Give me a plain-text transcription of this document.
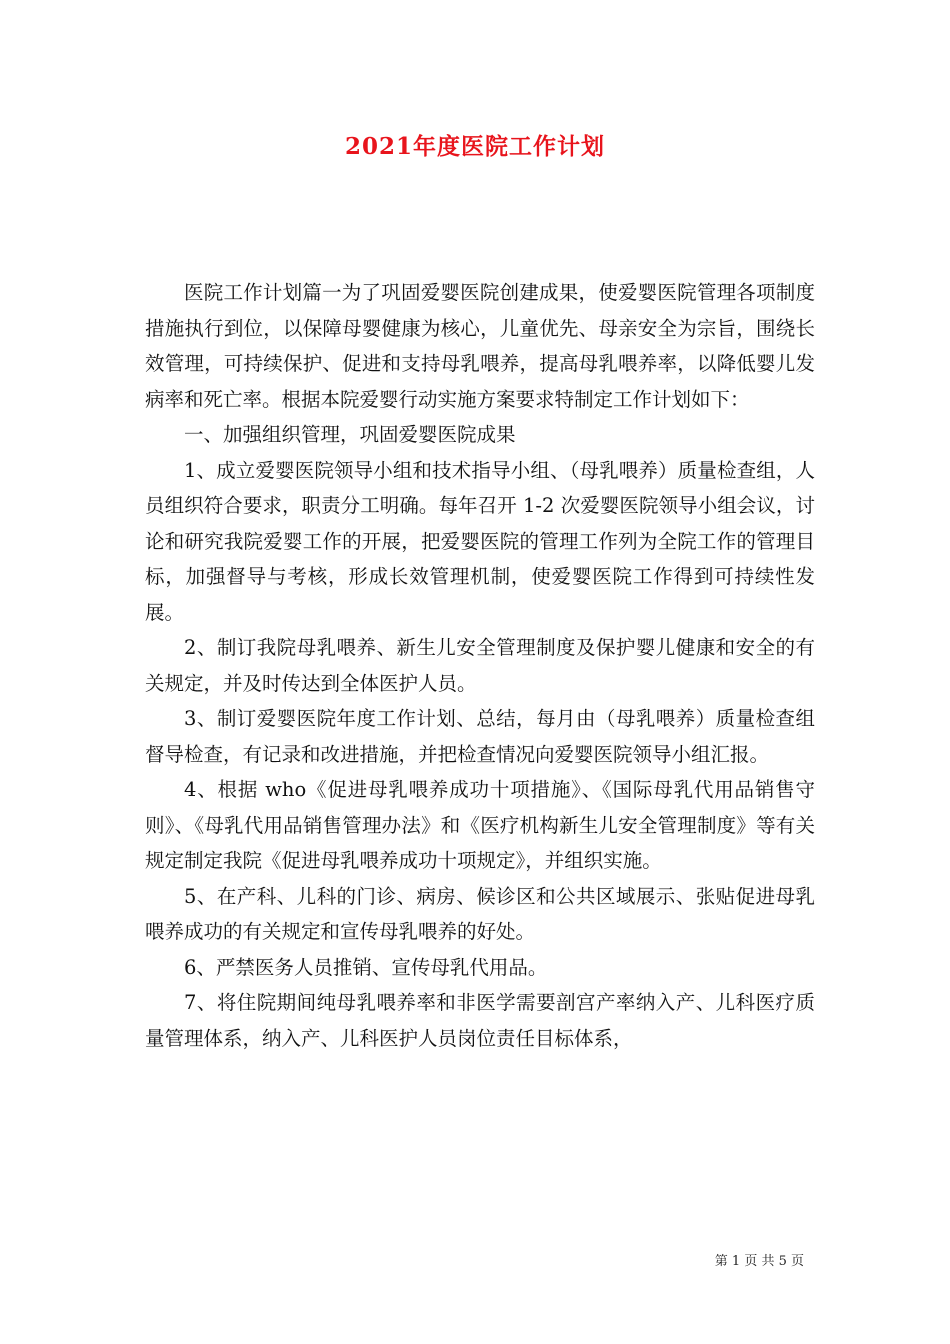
2021年度医院工作计划

医院工作计划篇一为了巩固爱婴医院创建成果，使爱婴医院管理各项制度措施执行到位，以保障母婴健康为核心，儿童优先、母亲安全为宗旨，围绕长效管理，可持续保护、促进和支持母乳喂养，提高母乳喂养率，以降低婴儿发病率和死亡率。根据本院爱婴行动实施方案要求特制定工作计划如下：

一、加强组织管理，巩固爱婴医院成果

1、成立爱婴医院领导小组和技术指导小组、（母乳喂养）质量检查组，人员组织符合要求，职责分工明确。每年召开 1-2 次爱婴医院领导小组会议，讨论和研究我院爱婴工作的开展，把爱婴医院的管理工作列为全院工作的管理目标，加强督导与考核，形成长效管理机制，使爱婴医院工作得到可持续性发展。

2、制订我院母乳喂养、新生儿安全管理制度及保护婴儿健康和安全的有关规定，并及时传达到全体医护人员。

3、制订爱婴医院年度工作计划、总结，每月由（母乳喂养）质量检查组督导检查，有记录和改进措施，并把检查情况向爱婴医院领导小组汇报。

4、根据 who《促进母乳喂养成功十项措施》、《国际母乳代用品销售守则》、《母乳代用品销售管理办法》和《医疗机构新生儿安全管理制度》等有关规定制定我院《促进母乳喂养成功十项规定》，并组织实施。

5、在产科、儿科的门诊、病房、候诊区和公共区域展示、张贴促进母乳喂养成功的有关规定和宣传母乳喂养的好处。

6、严禁医务人员推销、宣传母乳代用品。

7、将住院期间纯母乳喂养率和非医学需要剖宫产率纳入产、儿科医疗质量管理体系，纳入产、儿科医护人员岗位责任目标体系，

第 1 页 共 5 页
